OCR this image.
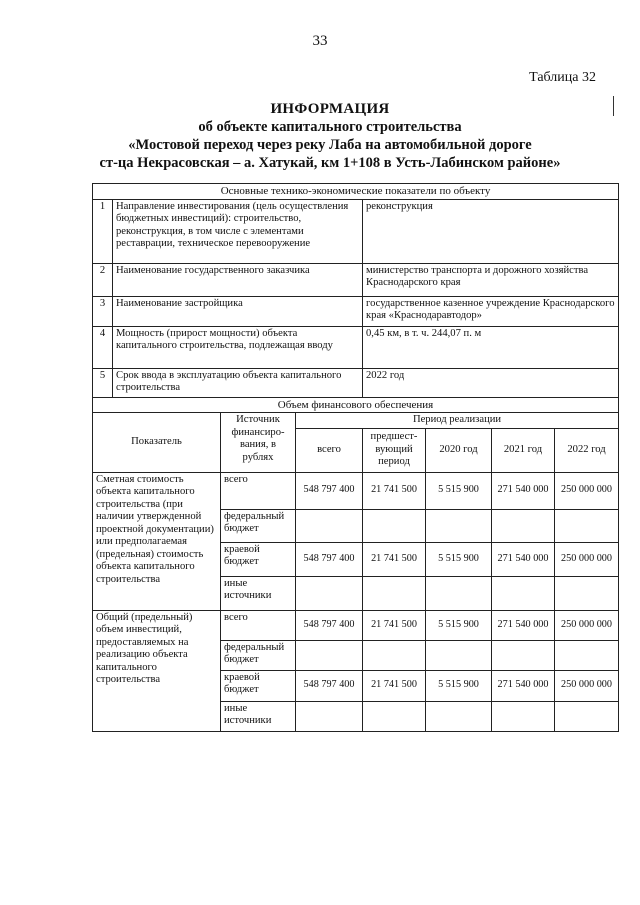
33
Таблица 32
ИНФОРМАЦИЯ
об объекте капитального строительства
«Мостовой переход через реку Лаба на автомобильной дороге
ст-ца Некрасовская – а. Хатукай, км 1+108 в Усть-Лабинском районе»
Основные технико-экономические показатели по объекту							
1	Направление инвестирования (цель осуществления бюджетных инвестиций): строительство, реконструкция, в том числе с элементами реставрации, техническое перевооружение			реконструкция			
2	Наименование государственного заказчика			министерство транспорта и дорожного хозяйства Краснодарского края			
3	Наименование застройщика			государственное казенное учреждение Краснодарского края «Краснодаравтодор»			
4	Мощность (прирост мощности) объекта капитального строительства, подлежащая вводу			0,45 км, в т. ч. 244,07 п. м			
5	Срок ввода в эксплуатацию объекта капитального строительства			2022 год			
Объем финансового обеспечения							
Показатель		Источник финансиро-вания, в рублях	Период реализации				
			всего	предшест-вующий период	2020 год	2021 год	2022 год
Сметная стоимость объекта капитального строительства (при наличии утвержденной проектной документации) или предполагаемая (предельная) стоимость объекта капитального строительства		всего	548 797 400	21 741 500	5 515 900	271 540 000	250 000 000
		федеральный бюджет					
		краевой бюджет	548 797 400	21 741 500	5 515 900	271 540 000	250 000 000
		иные источники					
Общий (предельный) объем инвестиций, предоставляемых на реализацию объекта капитального строительства		всего	548 797 400	21 741 500	5 515 900	271 540 000	250 000 000
		федеральный бюджет					
		краевой бюджет	548 797 400	21 741 500	5 515 900	271 540 000	250 000 000
		иные источники					
